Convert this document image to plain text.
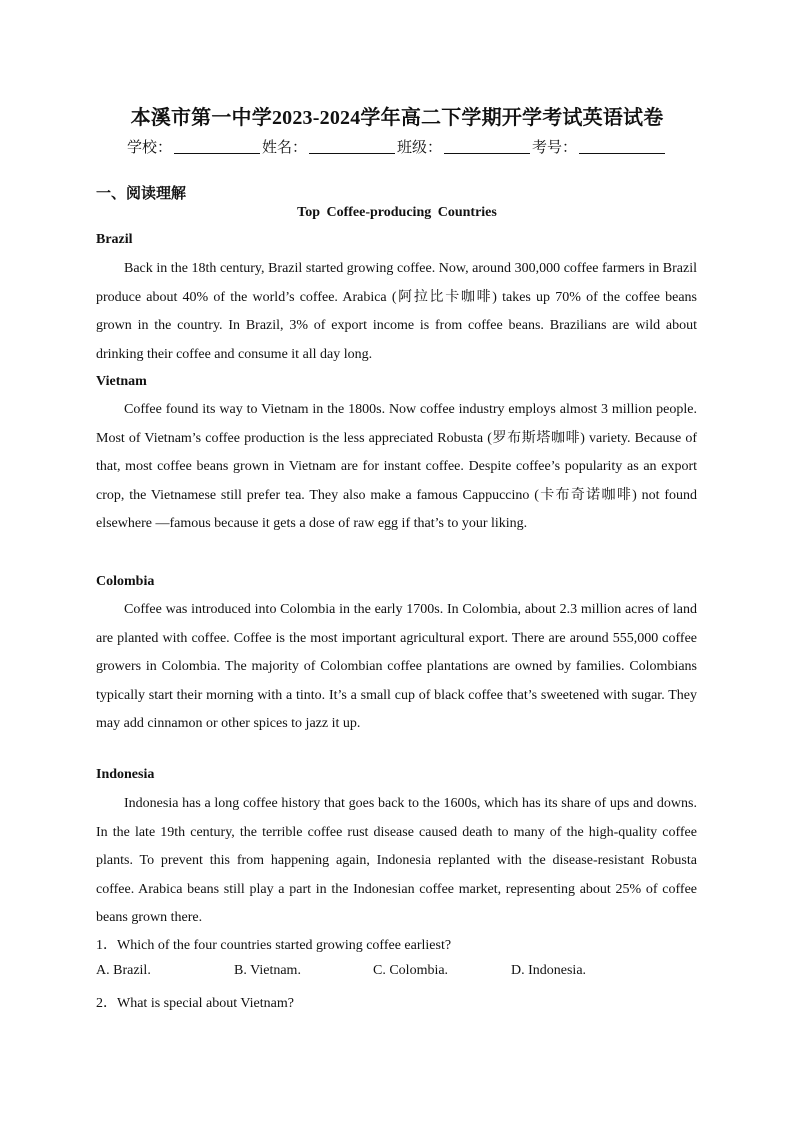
本溪市第一中学2023-2024学年高二下学期开学考试英语试卷
学校：	姓名：	班级：	考号：
一、阅读理解
Top Coffee-producing Countries
Brazil

Back in the 18th century, Brazil started growing coffee. Now, around 300,000 coffee farmers in Brazil produce about 40% of the world’s coffee. Arabica (阿拉比卡咖啡) takes up 70% of the coffee beans grown in the country. In Brazil, 3% of export income is from coffee beans. Brazilians are wild about drinking their coffee and consume it all day long.

Vietnam

Coffee found its way to Vietnam in the 1800s. Now coffee industry employs almost 3 million people. Most of Vietnam’s coffee production is the less appreciated Robusta (罗布斯塔咖啡) variety. Because of that, most coffee beans grown in Vietnam are for instant coffee. Despite coffee’s popularity as an export crop, the Vietnamese still prefer tea. They also make a famous Cappuccino (卡布奇诺咖啡) not found elsewhere —famous because it gets a dose of raw egg if that’s to your liking.

Colombia

Coffee was introduced into Colombia in the early 1700s. In Colombia, about 2.3 million acres of land are planted with coffee. Coffee is the most important agricultural export. There are around 555,000 coffee growers in Colombia. The majority of Colombian coffee plantations are owned by families. Colombians typically start their morning with a tinto. It’s a small cup of black coffee that’s sweetened with sugar. They may add cinnamon or other spices to jazz it up.

Indonesia

Indonesia has a long coffee history that goes back to the 1600s, which has its share of ups and downs. In the late 19th century, the terrible coffee rust disease caused death to many of the high-quality coffee plants. To prevent this from happening again, Indonesia replanted with the disease-resistant Robusta coffee. Arabica beans still play a part in the Indonesian coffee market, representing about 25% of coffee beans grown there.

1．Which of the four countries started growing coffee earliest?
A. Brazil.	B. Vietnam.	C. Colombia.	D. Indonesia.
2．What is special about Vietnam?
